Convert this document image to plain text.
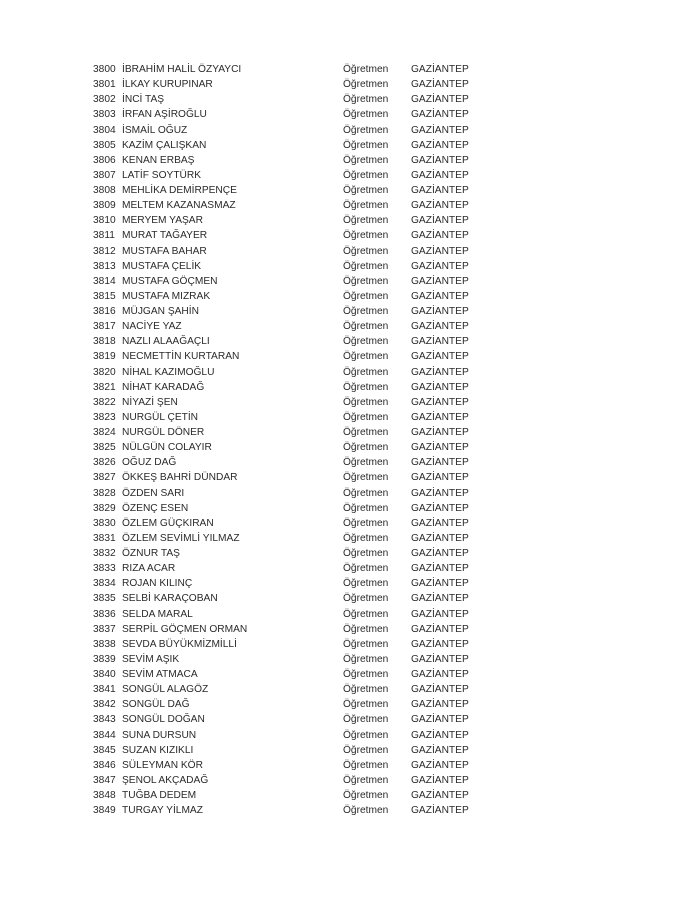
3800 İBRAHİM HALİL ÖZYAYCI	Öğretmen GAZİANTEP
3801 İLKAY KURUPINAR	Öğretmen GAZİANTEP
3802 İNCİ TAŞ	Öğretmen GAZİANTEP
3803 İRFAN AŞİROĞLU	Öğretmen GAZİANTEP
3804 İSMAİL OĞUZ	Öğretmen GAZİANTEP
3805 KAZİM ÇALIŞKAN	Öğretmen GAZİANTEP
3806 KENAN ERBAŞ	Öğretmen GAZİANTEP
3807 LATİF SOYTÜRK	Öğretmen GAZİANTEP
3808 MEHLİKA DEMİRPENÇE	Öğretmen GAZİANTEP
3809 MELTEM KAZANASMAZ	Öğretmen GAZİANTEP
3810 MERYEM YAŞAR	Öğretmen GAZİANTEP
3811 MURAT TAĞAYER	Öğretmen GAZİANTEP
3812 MUSTAFA BAHAR	Öğretmen GAZİANTEP
3813 MUSTAFA ÇELİK	Öğretmen GAZİANTEP
3814 MUSTAFA GÖÇMEN	Öğretmen GAZİANTEP
3815 MUSTAFA MIZRAK	Öğretmen GAZİANTEP
3816 MÜJGAN ŞAHİN	Öğretmen GAZİANTEP
3817 NACİYE YAZ	Öğretmen GAZİANTEP
3818 NAZLI ALAAĞAÇLI	Öğretmen GAZİANTEP
3819 NECMETTİN KURTARAN	Öğretmen GAZİANTEP
3820 NİHAL KAZIMOĞLU	Öğretmen GAZİANTEP
3821 NİHAT KARADAĞ	Öğretmen GAZİANTEP
3822 NİYAZİ ŞEN	Öğretmen GAZİANTEP
3823 NURGÜL ÇETİN	Öğretmen GAZİANTEP
3824 NURGÜL DÖNER	Öğretmen GAZİANTEP
3825 NÜLGÜN COLAYIR	Öğretmen GAZİANTEP
3826 OĞUZ DAĞ	Öğretmen GAZİANTEP
3827 ÖKKEŞ BAHRİ DÜNDAR	Öğretmen GAZİANTEP
3828 ÖZDEN SARI	Öğretmen GAZİANTEP
3829 ÖZENÇ ESEN	Öğretmen GAZİANTEP
3830 ÖZLEM GÜÇKIRAN	Öğretmen GAZİANTEP
3831 ÖZLEM SEVİMLİ YILMAZ	Öğretmen GAZİANTEP
3832 ÖZNUR TAŞ	Öğretmen GAZİANTEP
3833 RIZA ACAR	Öğretmen GAZİANTEP
3834 ROJAN KILINÇ	Öğretmen GAZİANTEP
3835 SELBİ KARAÇOBAN	Öğretmen GAZİANTEP
3836 SELDA MARAL	Öğretmen GAZİANTEP
3837 SERPİL GÖÇMEN ORMAN	Öğretmen GAZİANTEP
3838 SEVDA BÜYÜKMİZMİLLİ	Öğretmen GAZİANTEP
3839 SEVİM AŞIK	Öğretmen GAZİANTEP
3840 SEVİM ATMACA	Öğretmen GAZİANTEP
3841 SONGÜL ALAGÖZ	Öğretmen GAZİANTEP
3842 SONGÜL DAĞ	Öğretmen GAZİANTEP
3843 SONGÜL DOĞAN	Öğretmen GAZİANTEP
3844 SUNA DURSUN	Öğretmen GAZİANTEP
3845 SUZAN KIZIKLI	Öğretmen GAZİANTEP
3846 SÜLEYMAN KÖR	Öğretmen GAZİANTEP
3847 ŞENOL AKÇADAĞ	Öğretmen GAZİANTEP
3848 TUĞBA DEDEM	Öğretmen GAZİANTEP
3849 TURGAY YİLMAZ	Öğretmen GAZİANTEP
